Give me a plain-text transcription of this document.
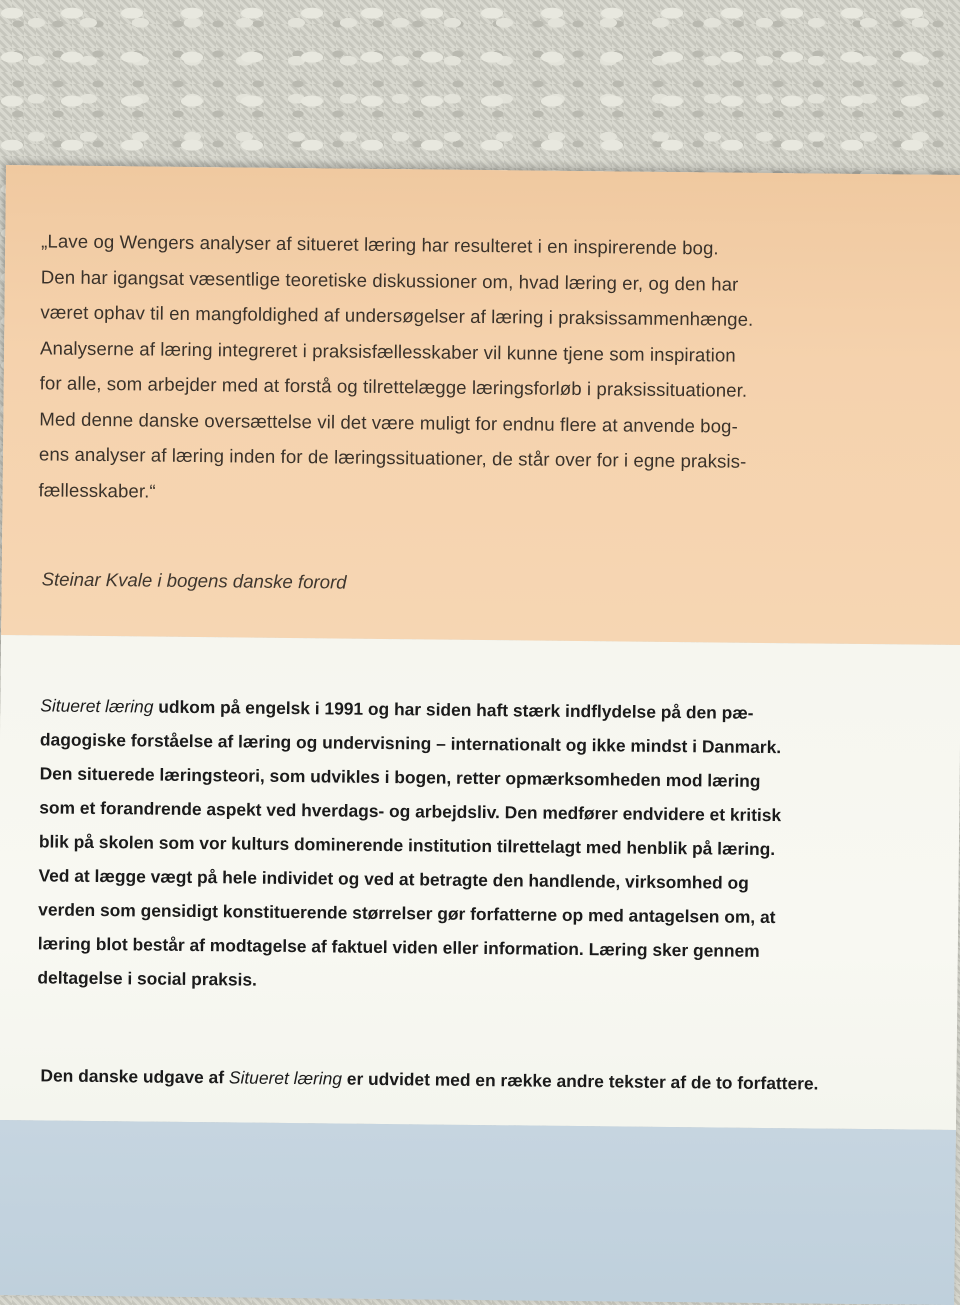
„Lave og Wengers analyser af situeret læring har resulteret i en inspirerende bog.

Den har igangsat væsentlige teoretiske diskussioner om, hvad læring er, og den har

været ophav til en mangfoldighed af undersøgelser af læring i praksissammenhænge.

Analyserne af læring integreret i praksisfællesskaber vil kunne tjene som inspiration

for alle, som arbejder med at forstå og tilrettelægge læringsforløb i praksissituationer.

Med denne danske oversættelse vil det være muligt for endnu flere at anvende bog-

ens analyser af læring inden for de læringssituationer, de står over for i egne praksis-

fællesskaber.“

Steinar Kvale i bogens danske forord

Situeret læring udkom på engelsk i 1991 og har siden haft stærk indflydelse på den pæ-

dagogiske forståelse af læring og undervisning – internationalt og ikke mindst i Danmark.

Den situerede læringsteori, som udvikles i bogen, retter opmærksomheden mod læring

som et forandrende aspekt ved hverdags- og arbejdsliv. Den medfører endvidere et kritisk

blik på skolen som vor kulturs dominerende institution tilrettelagt med henblik på læring.

Ved at lægge vægt på hele individet og ved at betragte den handlende, virksomhed og

verden som gensidigt konstituerende størrelser gør forfatterne op med antagelsen om, at

læring blot består af modtagelse af faktuel viden eller information. Læring sker gennem

deltagelse i social praksis.

Den danske udgave af Situeret læring er udvidet med en række andre tekster af de to forfattere.
